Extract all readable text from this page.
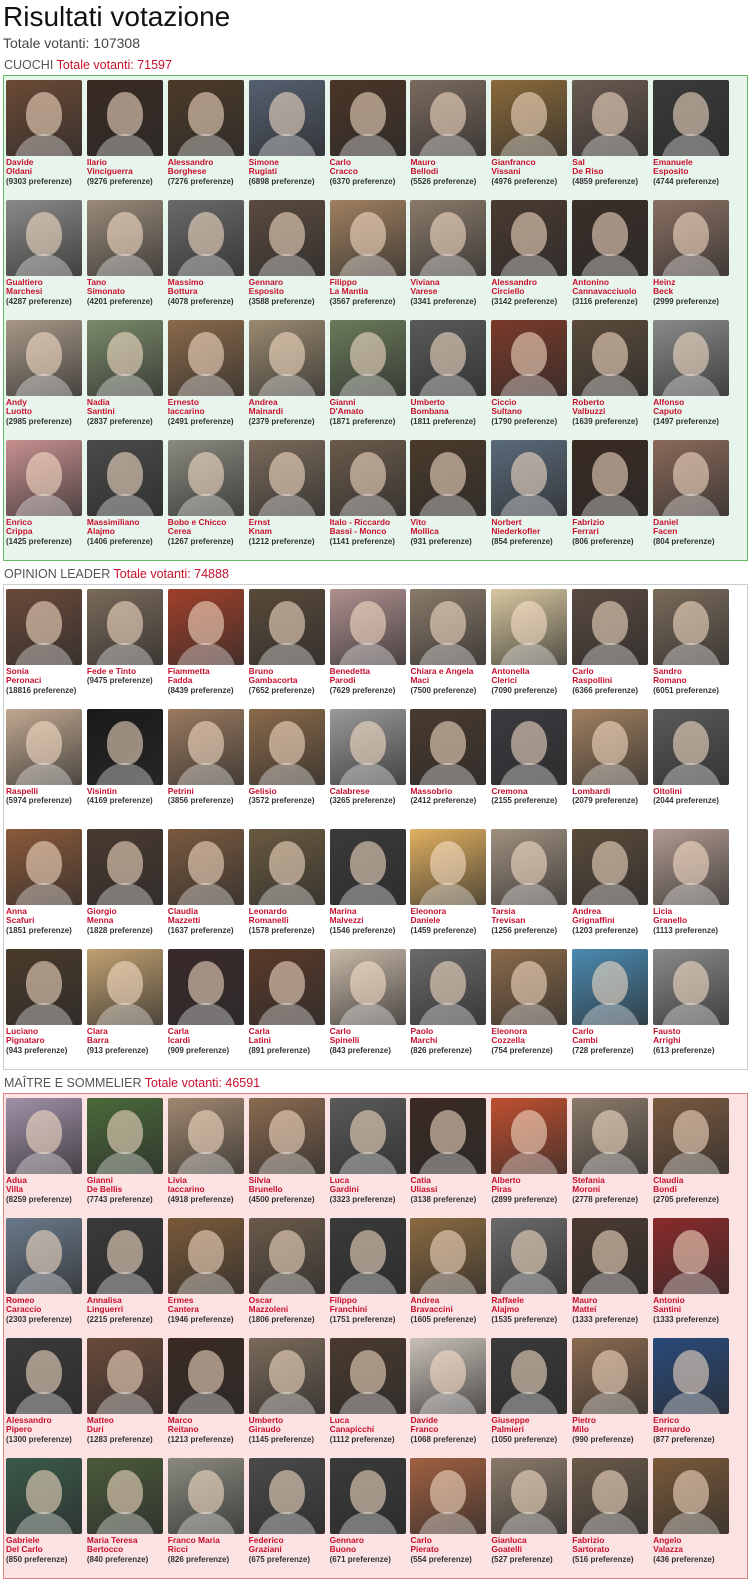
Risultati votazione
Totale votanti: 107308
CUOCHI Totale votanti: 71597
Davide
Oldani
(9303 preferenze)
Ilario
Vinciguerra
(9276 preferenze)
Alessandro
Borghese
(7276 preferenze)
Simone
Rugiati
(6898 preferenze)
Carlo
Cracco
(6370 preferenze)
Mauro
Bellodi
(5526 preferenze)
Gianfranco
Vissani
(4976 preferenze)
Sal
De Riso
(4859 preferenze)
Emanuele
Esposito
(4744 preferenze)
Gualtiero
Marchesi
(4287 preferenze)
Tano
Simonato
(4201 preferenze)
Massimo
Bottura
(4078 preferenze)
Gennaro
Esposito
(3588 preferenze)
Filippo
La Mantia
(3567 preferenze)
Viviana
Varese
(3341 preferenze)
Alessandro
Circiello
(3142 preferenze)
Antonino
Cannavacciuolo
(3116 preferenze)
Heinz
Beck
(2999 preferenze)
Andy
Luotto
(2985 preferenze)
Nadia
Santini
(2837 preferenze)
Ernesto
Iaccarino
(2491 preferenze)
Andrea
Mainardi
(2379 preferenze)
Gianni
D'Amato
(1871 preferenze)
Umberto
Bombana
(1811 preferenze)
Ciccio
Sultano
(1790 preferenze)
Roberto
Valbuzzi
(1639 preferenze)
Alfonso
Caputo
(1497 preferenze)
Enrico
Crippa
(1425 preferenze)
Massimiliano
Alajmo
(1406 preferenze)
Bobo e Chicco
Cerea
(1267 preferenze)
Ernst
Knam
(1212 preferenze)
Italo - Riccardo
Bassi - Monco
(1141 preferenze)
Vito
Mollica
(931 preferenze)
Norbert
Niederkofler
(854 preferenze)
Fabrizio
Ferrari
(806 preferenze)
Daniel
Facen
(804 preferenze)
OPINION LEADER Totale votanti: 74888
Sonia
Peronaci
(18816 preferenze)
Fede e Tinto
(9475 preferenze)
Fiammetta
Fadda
(8439 preferenze)
Bruno
Gambacorta
(7652 preferenze)
Benedetta
Parodi
(7629 preferenze)
Chiara e Angela
Maci
(7500 preferenze)
Antonella
Clerici
(7090 preferenze)
Carlo
Raspollini
(6366 preferenze)
Sandro
Romano
(6051 preferenze)
Raspelli
(5974 preferenze)
Visintin
(4169 preferenze)
Petrini
(3856 preferenze)
Gelisio
(3572 preferenze)
Calabrese
(3265 preferenze)
Massobrio
(2412 preferenze)
Cremona
(2155 preferenze)
Lombardi
(2079 preferenze)
Oltolini
(2044 preferenze)
Anna
Scafuri
(1851 preferenze)
Giorgio
Menna
(1828 preferenze)
Claudia
Mazzetti
(1637 preferenze)
Leonardo
Romanelli
(1578 preferenze)
Marina
Malvezzi
(1546 preferenze)
Eleonora
Daniele
(1459 preferenze)
Tarsia
Trevisan
(1256 preferenze)
Andrea
Grignaffini
(1203 preferenze)
Licia
Granello
(1113 preferenze)
Luciano
Pignataro
(943 preferenze)
Clara
Barra
(913 preferenze)
Carla
Icardi
(909 preferenze)
Carla
Latini
(891 preferenze)
Carlo
Spinelli
(843 preferenze)
Paolo
Marchi
(826 preferenze)
Eleonora
Cozzella
(754 preferenze)
Carlo
Cambi
(728 preferenze)
Fausto
Arrighi
(613 preferenze)
MAÎTRE E SOMMELIER Totale votanti: 46591
Adua
Villa
(8259 preferenze)
Gianni
De Bellis
(7743 preferenze)
Livia
Iaccarino
(4918 preferenze)
Silvia
Brunello
(4500 preferenze)
Luca
Gardini
(3323 preferenze)
Catia
Uliassi
(3138 preferenze)
Alberto
Piras
(2899 preferenze)
Stefania
Moroni
(2778 preferenze)
Claudia
Bondi
(2705 preferenze)
Romeo
Caraccio
(2303 preferenze)
Annalisa
Linguerri
(2215 preferenze)
Ermes
Cantera
(1946 preferenze)
Oscar
Mazzoleni
(1806 preferenze)
Filippo
Franchini
(1751 preferenze)
Andrea
Bravaccini
(1605 preferenze)
Raffaele
Alajmo
(1535 preferenze)
Mauro
Mattei
(1333 preferenze)
Antonio
Santini
(1333 preferenze)
Alessandro
Pipero
(1300 preferenze)
Matteo
Duri
(1283 preferenze)
Marco
Reitano
(1213 preferenze)
Umberto
Giraudo
(1145 preferenze)
Luca
Canapicchi
(1112 preferenze)
Davide
Franco
(1068 preferenze)
Giuseppe
Palmieri
(1050 preferenze)
Pietro
Milo
(990 preferenze)
Enrico
Bernardo
(877 preferenze)
Gabriele
Del Carlo
(850 preferenze)
Maria Teresa
Bertocco
(840 preferenze)
Franco Maria
Ricci
(826 preferenze)
Federico
Graziani
(675 preferenze)
Gennaro
Buono
(671 preferenze)
Carlo
Pierato
(554 preferenze)
Gianluca
Goatelli
(527 preferenze)
Fabrizio
Sartorato
(516 preferenze)
Angelo
Valazza
(436 preferenze)
